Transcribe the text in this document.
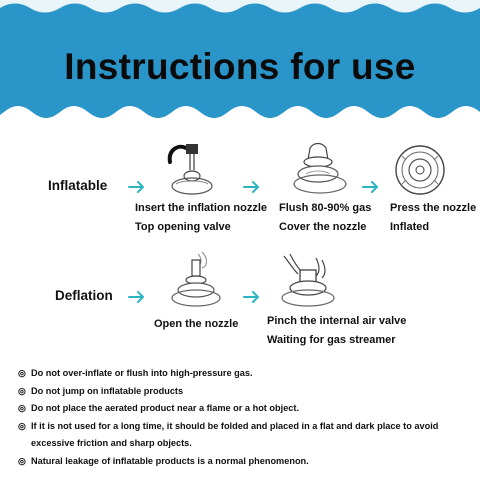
Instructions for use
Inflatable
Insert the inflation nozzle
Top opening valve
Flush 80-90% gas
Cover the nozzle
Press the nozzle
Inflated
Deflation
Open the nozzle	Pinch the internal air valve
Waiting for gas streamer
◎ Do not over-inflate or flush into high-pressure gas.
◎ Do not jump on inflatable products
◎ Do not place the aerated product near a flame or a hot object.
◎ If it is not used for a long time, it should be folded and placed in a flat and dark place to avoid excessive friction and sharp objects.
◎ Natural leakage of inflatable products is a normal phenomenon.
